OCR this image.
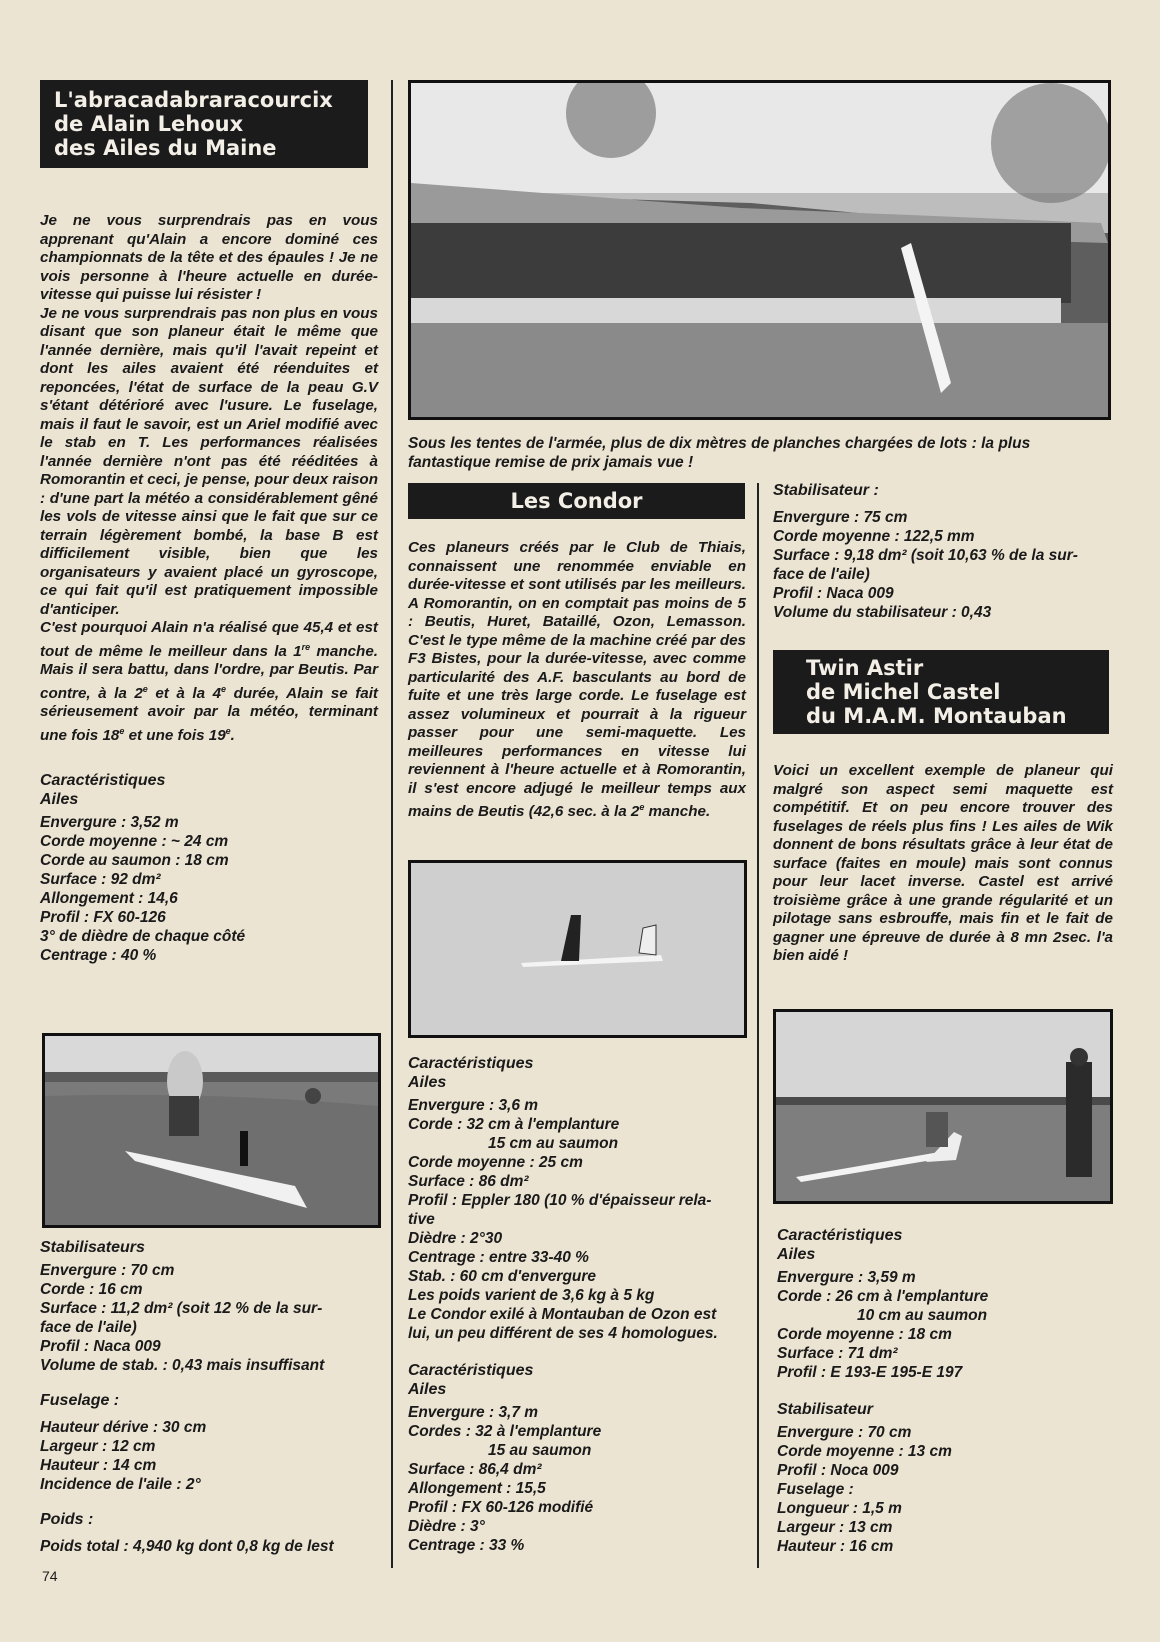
L'abracadabraracourcix
de Alain Lehoux
des Ailes du Maine

Je ne vous surprendrais pas en vous apprenant qu'Alain a encore dominé ces championnats de la tête et des épaules ! Je ne vois personne à l'heure actuelle en durée-vitesse qui puisse lui résister !

Je ne vous surprendrais pas non plus en vous disant que son planeur était le même que l'année dernière, mais qu'il l'avait repeint et dont les ailes avaient été réenduites et reponcées, l'état de surface de la peau G.V s'étant détérioré avec l'usure. Le fuselage, mais il faut le savoir, est un Ariel modifié avec le stab en T. Les performances réalisées l'année dernière n'ont pas été rééditées à Romorantin et ceci, je pense, pour deux raison : d'une part la météo a considérablement gêné les vols de vitesse ainsi que le fait que sur ce terrain légèrement bombé, la base B est difficilement visible, bien que les organisateurs y avaient placé un gyroscope, ce qui fait qu'il est pratiquement impossible d'anticiper.

C'est pourquoi Alain n'a réalisé que 45,4 et est tout de même le meilleur dans la 1re manche. Mais il sera battu, dans l'ordre, par Beutis. Par contre, à la 2e et à la 4e durée, Alain se fait sérieusement avoir par la météo, terminant une fois 18e et une fois 19e.

Caractéristiques

Ailes

Envergure : 3,52 m
Corde moyenne : ~ 24 cm
Corde au saumon : 18 cm
Surface : 92 dm²
Allongement : 14,6
Profil : FX 60-126
3° de dièdre de chaque côté
Centrage : 40 %

Stabilisateurs

Envergure : 70 cm
Corde : 16 cm
Surface : 11,2 dm² (soit 12 % de la sur-
face de l'aile)
Profil : Naca 009
Volume de stab. : 0,43 mais insuffisant

Fuselage :

Hauteur dérive : 30 cm
Largeur : 12 cm
Hauteur : 14 cm
Incidence de l'aile : 2°

Poids :

Poids total : 4,940 kg dont 0,8 kg de lest
74
Sous les tentes de l'armée, plus de dix mètres de planches chargées de lots : la plus fantastique remise de prix jamais vue !
Les Condor

Ces planeurs créés par le Club de Thiais, connaissent une renommée enviable en durée-vitesse et sont utilisés par les meilleurs. A Romorantin, on en comptait pas moins de 5 : Beutis, Huret, Bataillé, Ozon, Lemasson. C'est le type même de la machine créé par des F3 Bistes, pour la durée-vitesse, avec comme particularité des A.F. basculants au bord de fuite et une très large corde. Le fuselage est assez volumineux et pourrait à la rigueur passer pour une semi-maquette. Les meilleures performances en vitesse lui reviennent à l'heure actuelle et à Romorantin, il s'est encore adjugé le meilleur temps aux mains de Beutis (42,6 sec. à la 2e manche.

Caractéristiques

Ailes

Envergure : 3,6 m
Corde : 32 cm à l'emplanture
15 cm au saumon
Corde moyenne : 25 cm
Surface : 86 dm²
Profil : Eppler 180 (10 % d'épaisseur rela-
tive
Dièdre : 2°30
Centrage : entre 33-40 %
Stab. : 60 cm d'envergure
Les poids varient de 3,6 kg à 5 kg
Le Condor exilé à Montauban de Ozon est
lui, un peu différent de ses 4 homologues.

Caractéristiques

Ailes

Envergure : 3,7 m
Cordes : 32 à l'emplanture
15 au saumon
Surface : 86,4 dm²
Allongement : 15,5
Profil : FX 60-126 modifié
Dièdre : 3°
Centrage : 33 %

Stabilisateur :

Envergure : 75 cm
Corde moyenne : 122,5 mm
Surface : 9,18 dm² (soit 10,63 % de la sur-
face de l'aile)
Profil : Naca 009
Volume du stabilisateur : 0,43
Twin Astir
de Michel Castel
du M.A.M. Montauban

Voici un excellent exemple de planeur qui malgré son aspect semi maquette est compétitif. Et on peu encore trouver des fuselages de réels plus fins ! Les ailes de Wik donnent de bons résultats grâce à leur état de surface (faites en moule) mais sont connus pour leur lacet inverse. Castel est arrivé troisième grâce à une grande régularité et un pilotage sans esbrouffe, mais fin et le fait de gagner une épreuve de durée à 8 mn 2sec. l'a bien aidé !

Caractéristiques

Ailes

Envergure : 3,59 m
Corde : 26 cm à l'emplanture
10 cm au saumon
Corde moyenne : 18 cm
Surface : 71 dm²
Profil : E 193-E 195-E 197

Stabilisateur

Envergure : 70 cm
Corde moyenne : 13 cm
Profil : Noca 009
Fuselage :
Longueur : 1,5 m
Largeur : 13 cm
Hauteur : 16 cm
